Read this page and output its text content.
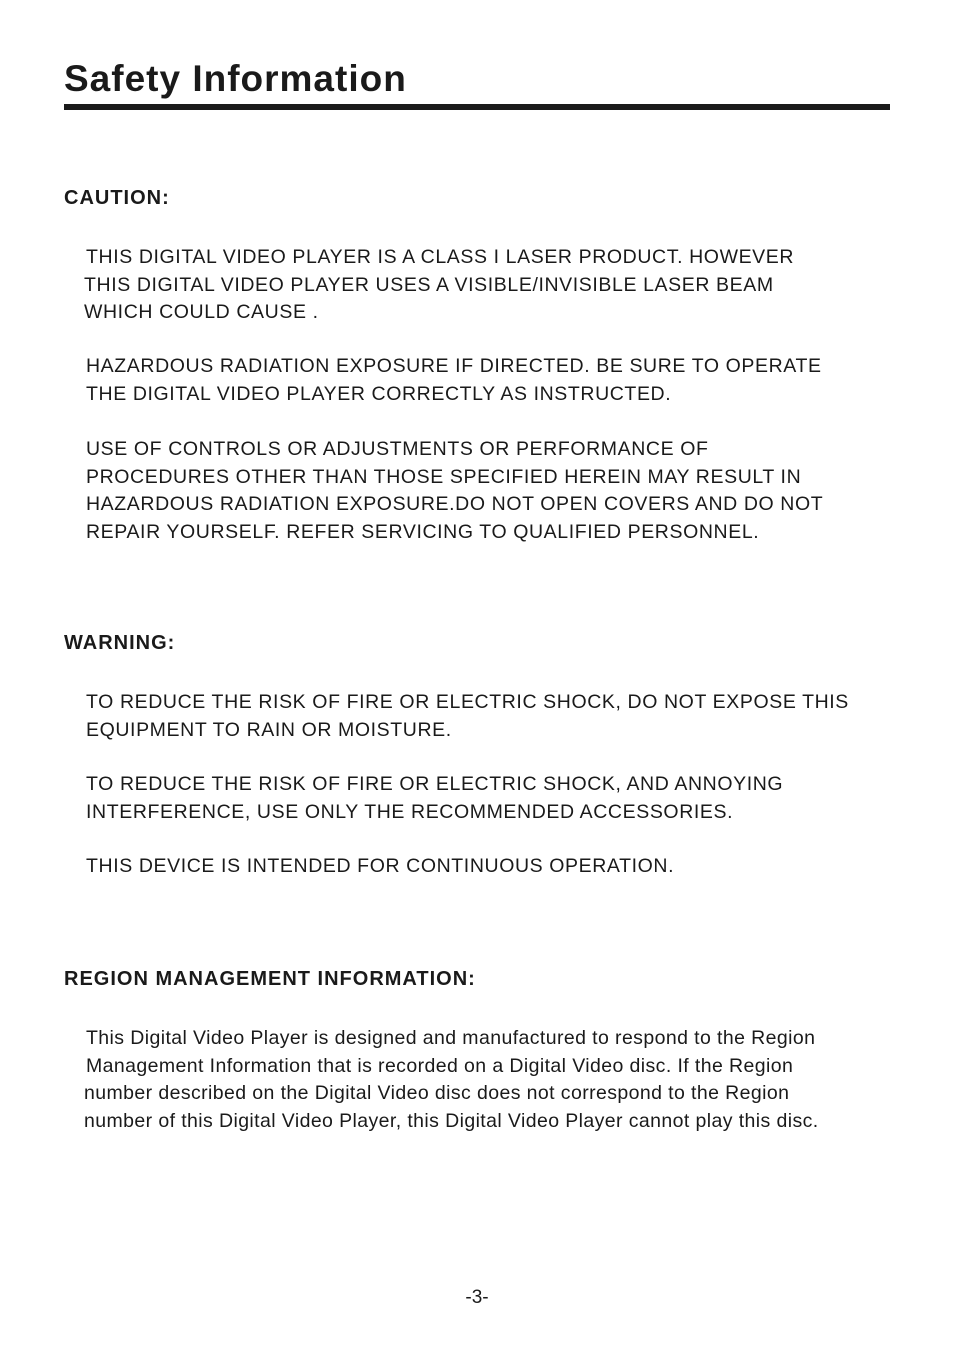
Safety Information
CAUTION:

THIS DIGITAL VIDEO PLAYER IS A CLASS I LASER PRODUCT. HOWEVER
THIS DIGITAL VIDEO PLAYER USES A VISIBLE/INVISIBLE LASER BEAM
WHICH COULD CAUSE .

HAZARDOUS RADIATION EXPOSURE IF DIRECTED. BE SURE TO OPERATE
THE DIGITAL VIDEO PLAYER CORRECTLY AS INSTRUCTED.

USE OF CONTROLS OR ADJUSTMENTS OR PERFORMANCE OF
PROCEDURES OTHER THAN THOSE SPECIFIED HEREIN MAY RESULT IN
HAZARDOUS RADIATION EXPOSURE.DO NOT OPEN COVERS AND DO NOT
REPAIR YOURSELF. REFER SERVICING TO QUALIFIED PERSONNEL.

WARNING:

TO REDUCE THE RISK OF FIRE OR ELECTRIC SHOCK, DO NOT EXPOSE THIS
EQUIPMENT TO RAIN OR MOISTURE.

TO REDUCE THE RISK OF FIRE OR ELECTRIC SHOCK, AND ANNOYING
INTERFERENCE, USE ONLY THE RECOMMENDED ACCESSORIES.

THIS DEVICE IS INTENDED FOR CONTINUOUS OPERATION.

REGION MANAGEMENT INFORMATION:

This Digital Video Player is designed and manufactured to respond to the Region
Management Information that is recorded on a Digital Video disc. If the Region
number described on the Digital Video disc does not correspond to the Region
number of this Digital Video Player, this Digital Video Player cannot play this disc.

-3-
